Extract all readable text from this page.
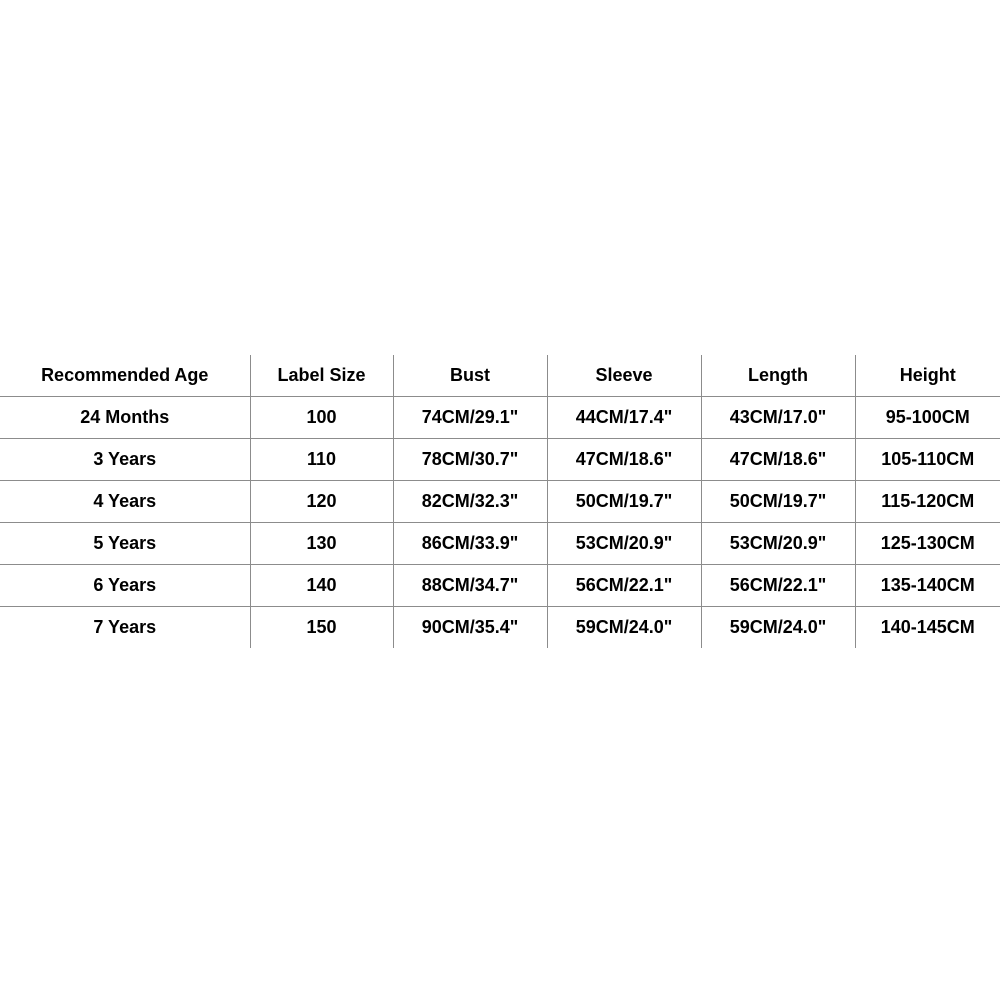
Recommended Age	Label Size	Bust	Sleeve	Length	Height
24 Months	100	74CM/29.1"	44CM/17.4"	43CM/17.0"	95-100CM
3 Years	110	78CM/30.7"	47CM/18.6"	47CM/18.6"	105-110CM
4 Years	120	82CM/32.3"	50CM/19.7"	50CM/19.7"	115-120CM
5 Years	130	86CM/33.9"	53CM/20.9"	53CM/20.9"	125-130CM
6 Years	140	88CM/34.7"	56CM/22.1"	56CM/22.1"	135-140CM
7 Years	150	90CM/35.4"	59CM/24.0"	59CM/24.0"	140-145CM
